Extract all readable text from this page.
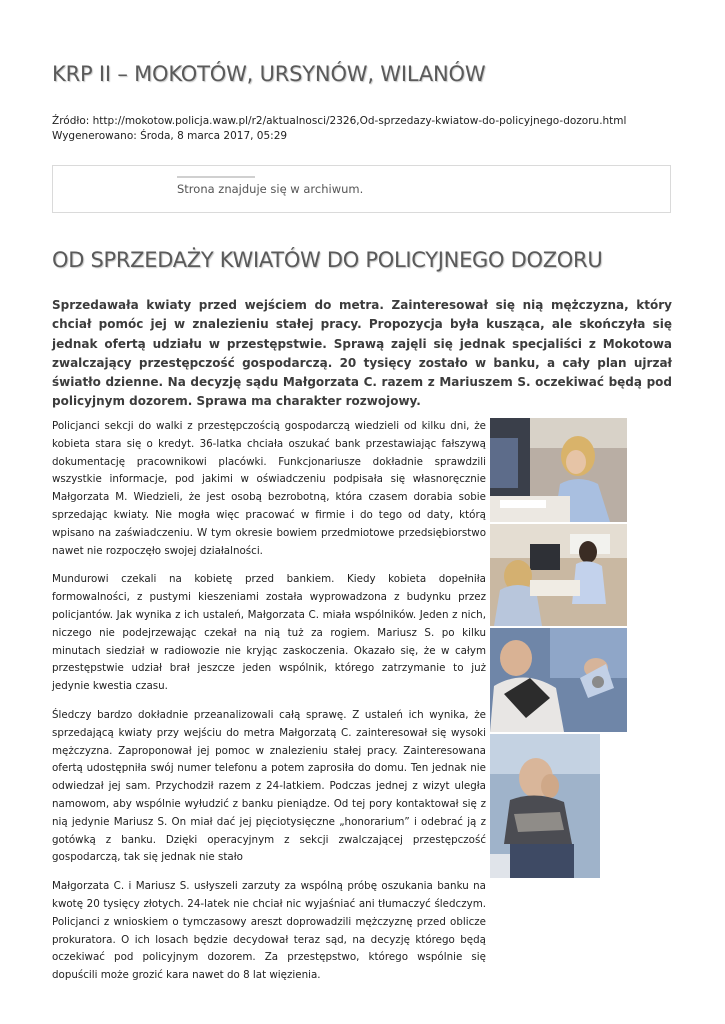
KRP II – MOKOTÓW, URSYNÓW, WILANÓW
Źródło: http://mokotow.policja.waw.pl/r2/aktualnosci/2326,Od-sprzedazy-kwiatow-do-policyjnego-dozoru.html
Wygenerowano: Środa, 8 marca 2017, 05:29
Strona znajduje się w archiwum.
OD SPRZEDAŻY KWIATÓW DO POLICYJNEGO DOZORU

Sprzedawała kwiaty przed wejściem do metra. Zainteresował się nią mężczyzna, który chciał pomóc jej w znalezieniu stałej pracy. Propozycja była kusząca, ale skończyła się jednak ofertą udziału w przestępstwie. Sprawą zajęli się jednak specjaliści z Mokotowa zwalczający przestępczość gospodarczą. 20 tysięcy zostało w banku, a cały plan ujrzał światło dzienne. Na decyzję sądu Małgorzata C. razem z Mariuszem S. oczekiwać będą pod policyjnym dozorem. Sprawa ma charakter rozwojowy.

Policjanci sekcji do walki z przestępczością gospodarczą wiedzieli od kilku dni, że kobieta stara się o kredyt. 36-latka chciała oszukać bank przestawiając fałszywą dokumentację pracownikowi placówki. Funkcjonariusze dokładnie sprawdzili wszystkie informacje, pod jakimi w oświadczeniu podpisała się własnoręcznie Małgorzata M. Wiedzieli, że jest osobą bezrobotną, która czasem dorabia sobie sprzedając kwiaty. Nie mogła więc pracować w firmie i do tego od daty, którą wpisano na zaświadczeniu. W tym okresie bowiem przedmiotowe przedsiębiorstwo nawet nie rozpoczęło swojej działalności.

Mundurowi czekali na kobietę przed bankiem. Kiedy kobieta dopełniła formowalności, z pustymi kieszeniami została wyprowadzona z budynku przez policjantów. Jak wynika z ich ustaleń, Małgorzata C. miała wspólników. Jeden z nich, niczego nie podejrzewając czekał na nią tuż za rogiem. Mariusz S. po kilku minutach siedział w radiowozie nie kryjąc zaskoczenia. Okazało się, że w całym przestępstwie udział brał jeszcze jeden wspólnik, którego zatrzymanie to już jedynie kwestia czasu.

Śledczy bardzo dokładnie przeanalizowali całą sprawę. Z ustaleń ich wynika, że sprzedającą kwiaty przy wejściu do metra Małgorzatą C. zainteresował się wysoki mężczyzna. Zaproponował jej pomoc w znalezieniu stałej pracy. Zainteresowana ofertą udostępniła swój numer telefonu a potem zaprosiła do domu. Ten jednak nie odwiedzał jej sam. Przychodził razem z 24-latkiem. Podczas jednej z wizyt uległa namowom, aby wspólnie wyłudzić z banku pieniądze. Od tej pory kontaktował się z nią jedynie Mariusz S. On miał dać jej pięciotysięczne „honorarium” i odebrać ją z gotówką z banku. Dzięki operacyjnym z sekcji zwalczającej przestępczość gospodarczą, tak się jednak nie stało

Małgorzata C. i Mariusz S. usłyszeli zarzuty za wspólną próbę oszukania banku na kwotę 20 tysięcy złotych. 24-latek nie chciał nic wyjaśniać ani tłumaczyć śledczym. Policjanci z wnioskiem o tymczasowy areszt doprowadzili mężczyznę przed oblicze prokuratora. O ich losach będzie decydował teraz sąd, na decyzję którego będą oczekiwać pod policyjnym dozorem. Za przestępstwo, którego wspólnie się dopuścili może grozić kara nawet do 8 lat więzienia.
